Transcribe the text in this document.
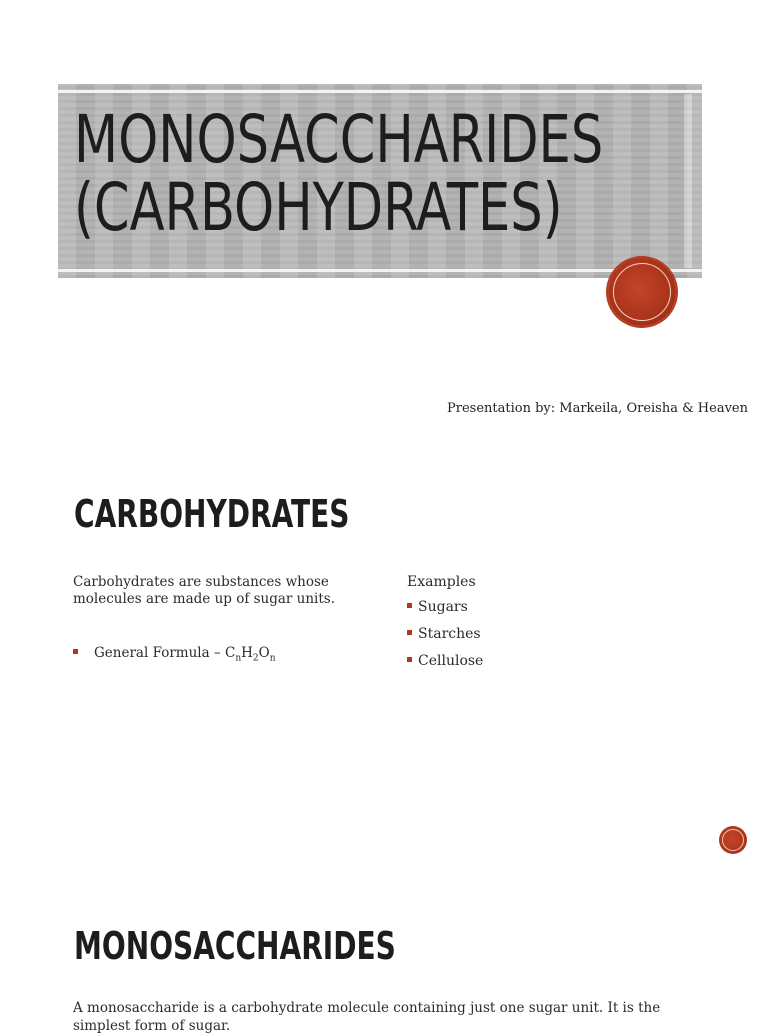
MONOSACCHARIDES
(CARBOHYDRATES)
Presentation by: Markeila, Oreisha & Heaven
CARBOHYDRATES

Carbohydrates are substances whose molecules are made up of sugar units.

General Formula – $C_nH_2O_n$
Examples
Sugars
Starches
Cellulose
MONOSACCHARIDES

A monosaccharide is a carbohydrate molecule containing just one sugar unit. It is the simplest form of sugar.
